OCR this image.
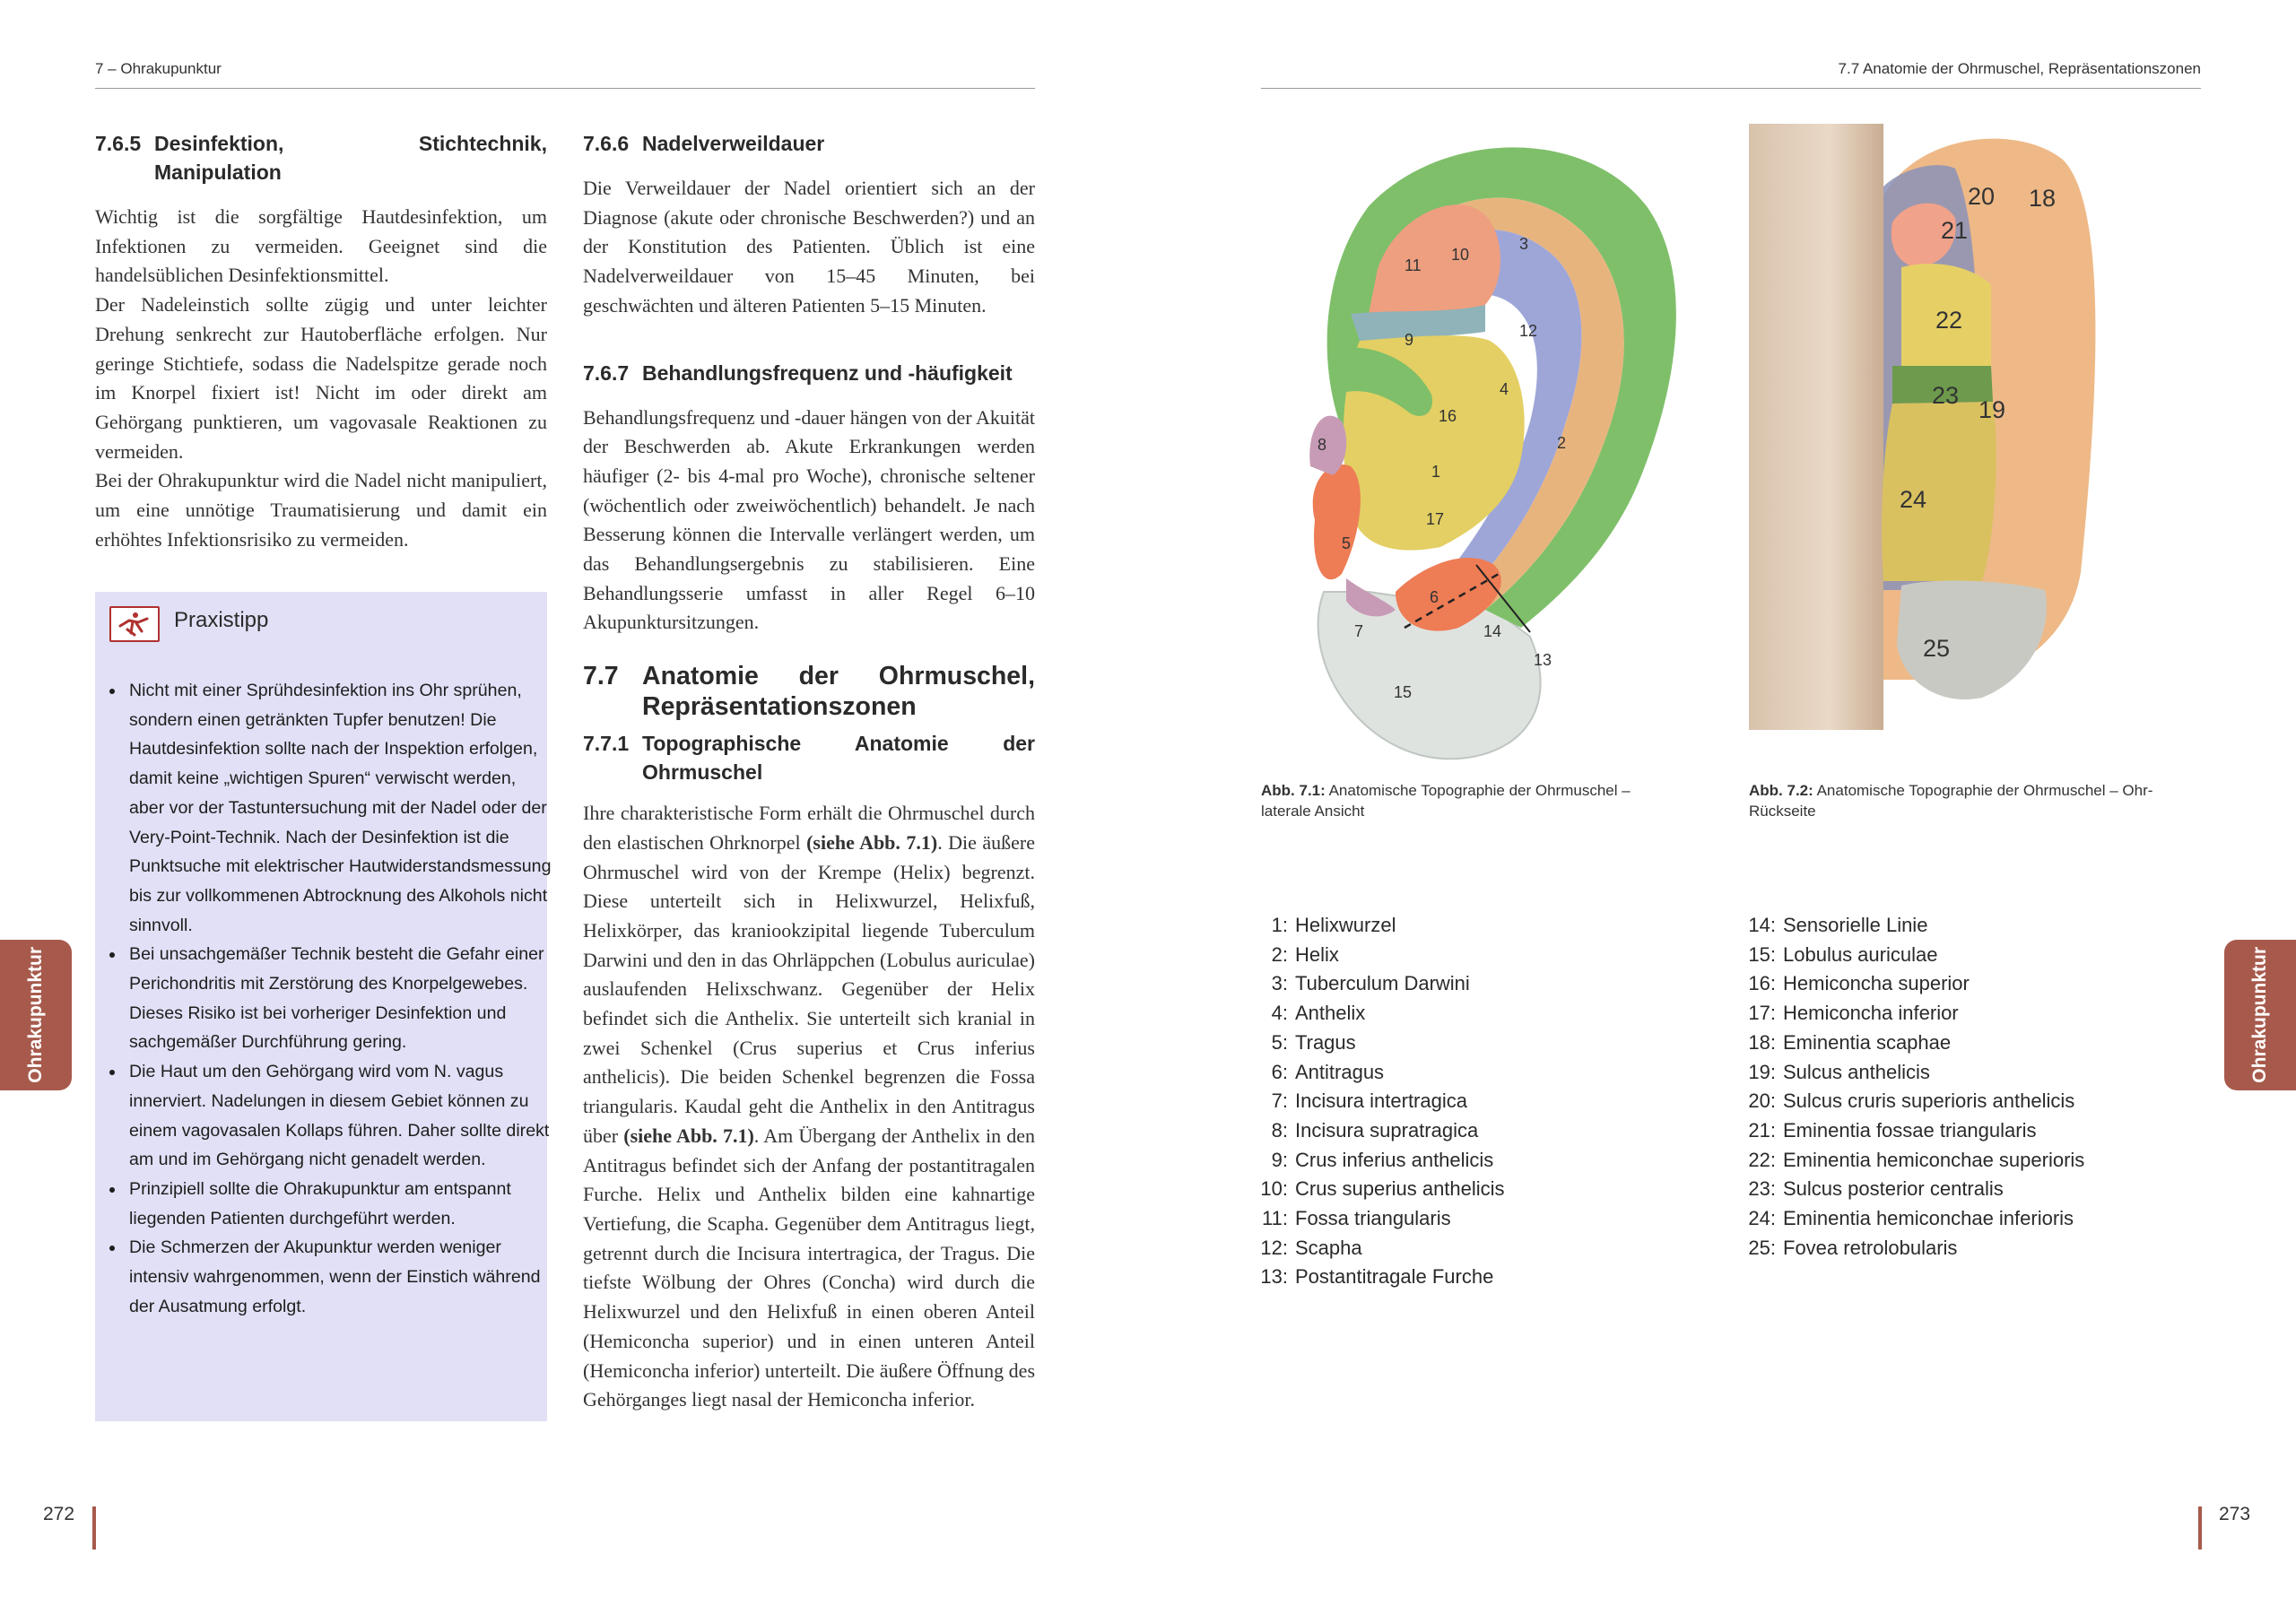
7 – Ohrakupunktur
7.6.5 Desinfektion, Stichtechnik, Manipulation

Wichtig ist die sorgfältige Hautdesinfektion, um Infektionen zu vermeiden. Geeignet sind die handelsüblichen Desinfektionsmittel.

Der Nadeleinstich sollte zügig und unter leichter Drehung senkrecht zur Hautoberfläche erfolgen. Nur geringe Stichtiefe, sodass die Nadelspitze gerade noch im Knorpel fixiert ist! Nicht im oder direkt am Gehörgang punktieren, um vagovasale Reaktionen zu vermeiden.

Bei der Ohrakupunktur wird die Nadel nicht manipuliert, um eine unnötige Traumatisierung und damit ein erhöhtes Infektionsrisiko zu vermeiden.

Praxistipp
• Nicht mit einer Sprühdesinfektion ins Ohr sprühen, sondern einen getränkten Tupfer benutzen! Die Hautdesinfektion sollte nach der Inspektion erfolgen, damit keine „wichtigen Spuren“ verwischt werden, aber vor der Tastuntersuchung mit der Nadel oder der Very-Point-Technik. Nach der Desinfektion ist die Punktsuche mit elektrischer Hautwiderstandsmessung bis zur vollkommenen Abtrocknung des Alkohols nicht sinnvoll.
• Bei unsachgemäßer Technik besteht die Gefahr einer Perichondritis mit Zerstörung des Knorpelgewebes. Dieses Risiko ist bei vorheriger Desinfektion und sachgemäßer Durchführung gering.
• Die Haut um den Gehörgang wird vom N. vagus innerviert. Nadelungen in diesem Gebiet können zu einem vagovasalen Kollaps führen. Daher sollte direkt am und im Gehörgang nicht genadelt werden.
• Prinzipiell sollte die Ohrakupunktur am entspannt liegenden Patienten durchgeführt werden.
• Die Schmerzen der Akupunktur werden weniger intensiv wahrgenommen, wenn der Einstich während der Ausatmung erfolgt.
7.6.6 Nadelverweildauer

Die Verweildauer der Nadel orientiert sich an der Diagnose (akute oder chronische Beschwerden?) und an der Konstitution des Patienten. Üblich ist eine Nadelverweildauer von 15–45 Minuten, bei geschwächten und älteren Patienten 5–15 Minuten.

7.6.7 Behandlungsfrequenz und -häufigkeit

Behandlungsfrequenz und -dauer hängen von der Akuität der Beschwerden ab. Akute Erkrankungen werden häufiger (2- bis 4-mal pro Woche), chronische seltener (wöchentlich oder zweiwöchentlich) behandelt. Je nach Besserung können die Intervalle verlängert werden, um das Behandlungsergebnis zu stabilisieren. Eine Behandlungsserie umfasst in aller Regel 6–10 Akupunktursitzungen.

7.7 Anatomie der Ohrmuschel, Repräsentationszonen
7.7.1 Topographische Anatomie der Ohrmuschel

Ihre charakteristische Form erhält die Ohrmuschel durch den elastischen Ohrknorpel (siehe Abb. 7.1). Die äußere Ohrmuschel wird von der Krempe (Helix) begrenzt. Diese unterteilt sich in Helixwurzel, Helixfuß, Helixkörper, das kraniookzipital liegende Tuberculum Darwini und den in das Ohrläppchen (Lobulus auriculae) auslaufenden Helixschwanz. Gegenüber der Helix befindet sich die Anthelix. Sie unterteilt sich kranial in zwei Schenkel (Crus superius et Crus inferius anthelicis). Die beiden Schenkel begrenzen die Fossa triangularis. Kaudal geht die Anthelix in den Antitragus über (siehe Abb. 7.1). Am Übergang der Anthelix in den Antitragus befindet sich der Anfang der postantitragalen Furche. Helix und Anthelix bilden eine kahnartige Vertiefung, die Scapha. Gegenüber dem Antitragus liegt, getrennt durch die Incisura intertragica, der Tragus. Die tiefste Wölbung der Ohres (Concha) wird durch die Helixwurzel und den Helixfuß in einen oberen Anteil (Hemiconcha superior) und in einen unteren Anteil (Hemiconcha inferior) unterteilt. Die äußere Öffnung des Gehörganges liegt nasal der Hemiconcha inferior.

Ohrakupunktur
272
7.7 Anatomie der Ohrmuschel, Repräsentationszonen
10
3
11
12
9
4
2
16
8
1
17
5
6
7	14
13
15
20 18
21
22
23
19
24
25
Abb. 7.1: Anatomische Topographie der Ohrmuschel – laterale Ansicht
Abb. 7.2: Anatomische Topographie der Ohrmuschel – Ohr-Rückseite
1: Helixwurzel
2: Helix
3: Tuberculum Darwini
4: Anthelix
5: Tragus
6: Antitragus
7: Incisura intertragica
8: Incisura supratragica
9: Crus inferius anthelicis
10: Crus superius anthelicis
11: Fossa triangularis
12: Scapha
13: Postantitragale Furche
14: Sensorielle Linie
15: Lobulus auriculae
16: Hemiconcha superior
17: Hemiconcha inferior
18: Eminentia scaphae
19: Sulcus anthelicis
20: Sulcus cruris superioris anthelicis
21: Eminentia fossae triangularis
22: Eminentia hemiconchae superioris
23: Sulcus posterior centralis
24: Eminentia hemiconchae inferioris
25: Fovea retrolobularis
Ohrakupunktur
273
